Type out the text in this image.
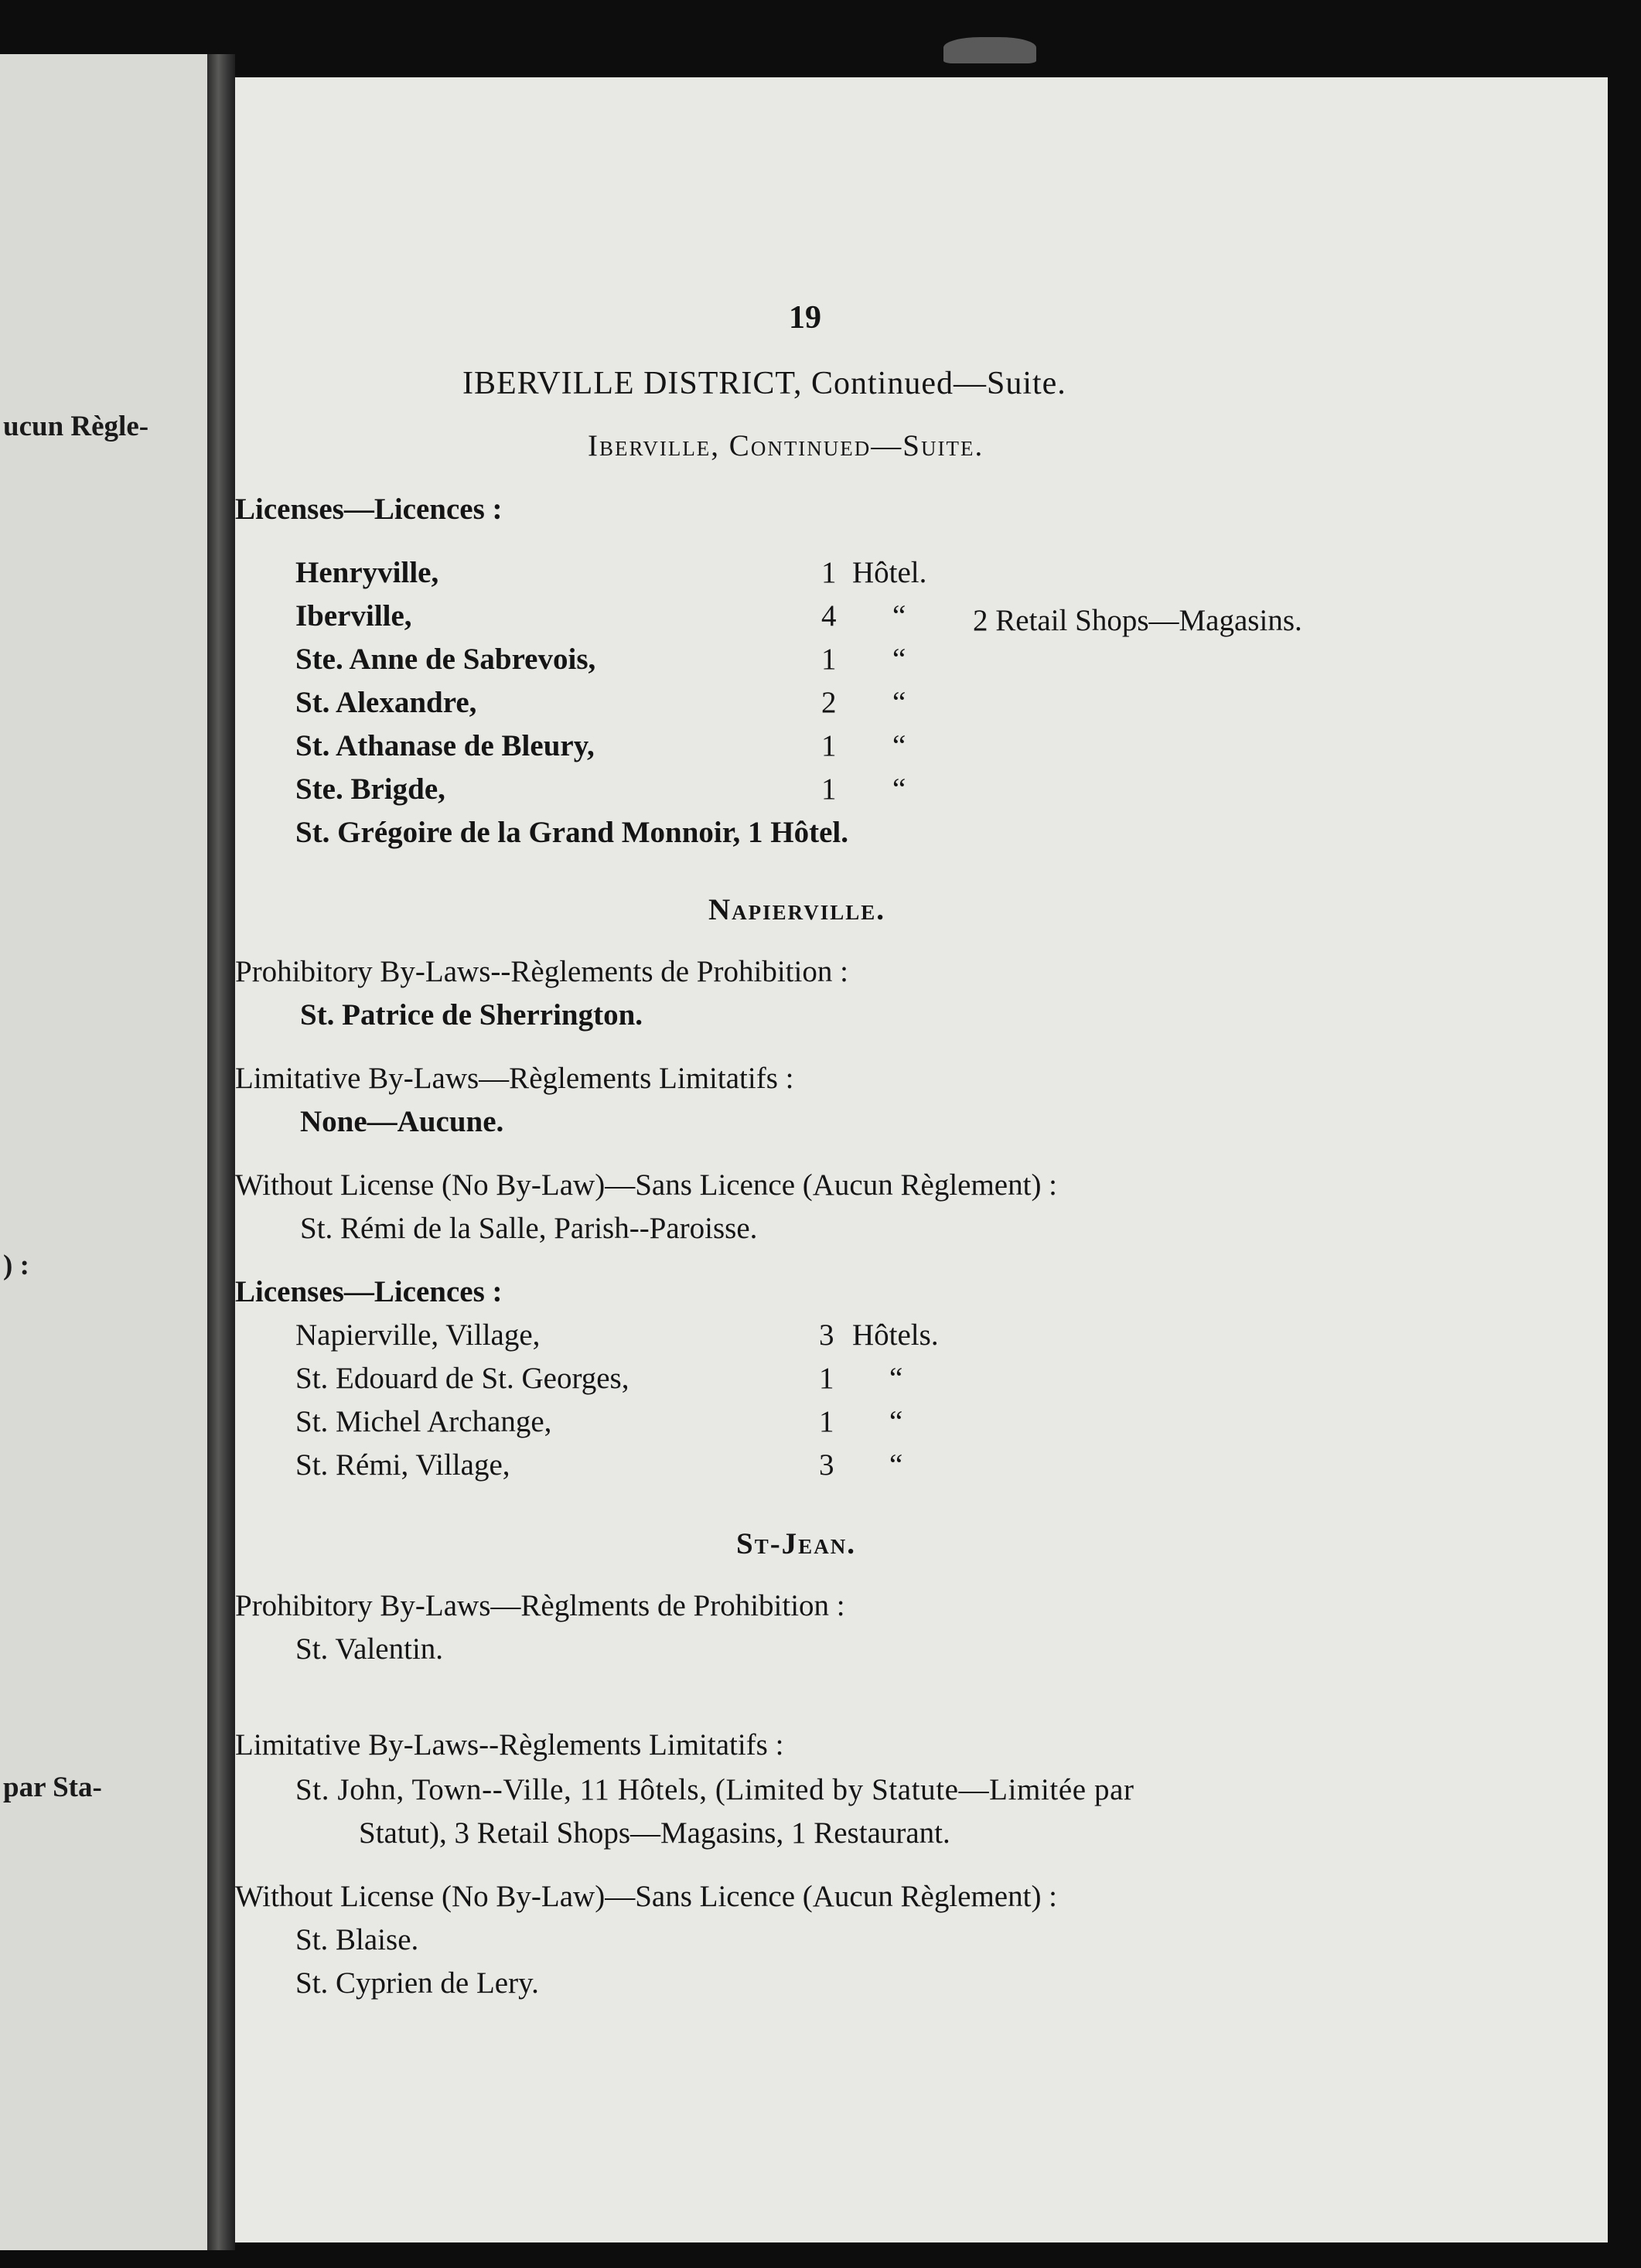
ucun Règle-
) :
par Sta-
19
IBERVILLE DISTRICT, Continued—Suite.
Iberville, Continued—Suite.
Licenses—Licences :
Henryville,	1 Hôtel.
Iberville,	4 “ 2 Retail Shops—Magasins.
Ste. Anne de Sabrevois,	1 “
St. Alexandre,	2 “
St. Athanase de Bleury,	1 “
Ste. Brigde,	1 “
St. Grégoire de la Grand Monnoir, 1 Hôtel.
Napierville.
Prohibitory By-Laws--Règlements de Prohibition :
St. Patrice de Sherrington.
Limitative By-Laws—Règlements Limitatifs :
None—Aucune.
Without License (No By-Law)—Sans Licence (Aucun Règlement) :
St. Rémi de la Salle, Parish--Paroisse.
Licenses—Licences :
Napierville, Village,	3 Hôtels.
St. Edouard de St. Georges,	1 “
St. Michel Archange,	1 “
St. Rémi, Village,	3 “
St-Jean.
Prohibitory By-Laws—Règlments de Prohibition :
St. Valentin.
Limitative By-Laws--Règlements Limitatifs :
St. John, Town--Ville, 11 Hôtels, (Limited by Statute—Limitée par
Statut), 3 Retail Shops—Magasins, 1 Restaurant.
Without License (No By-Law)—Sans Licence (Aucun Règlement) :
St. Blaise.
St. Cyprien de Lery.
